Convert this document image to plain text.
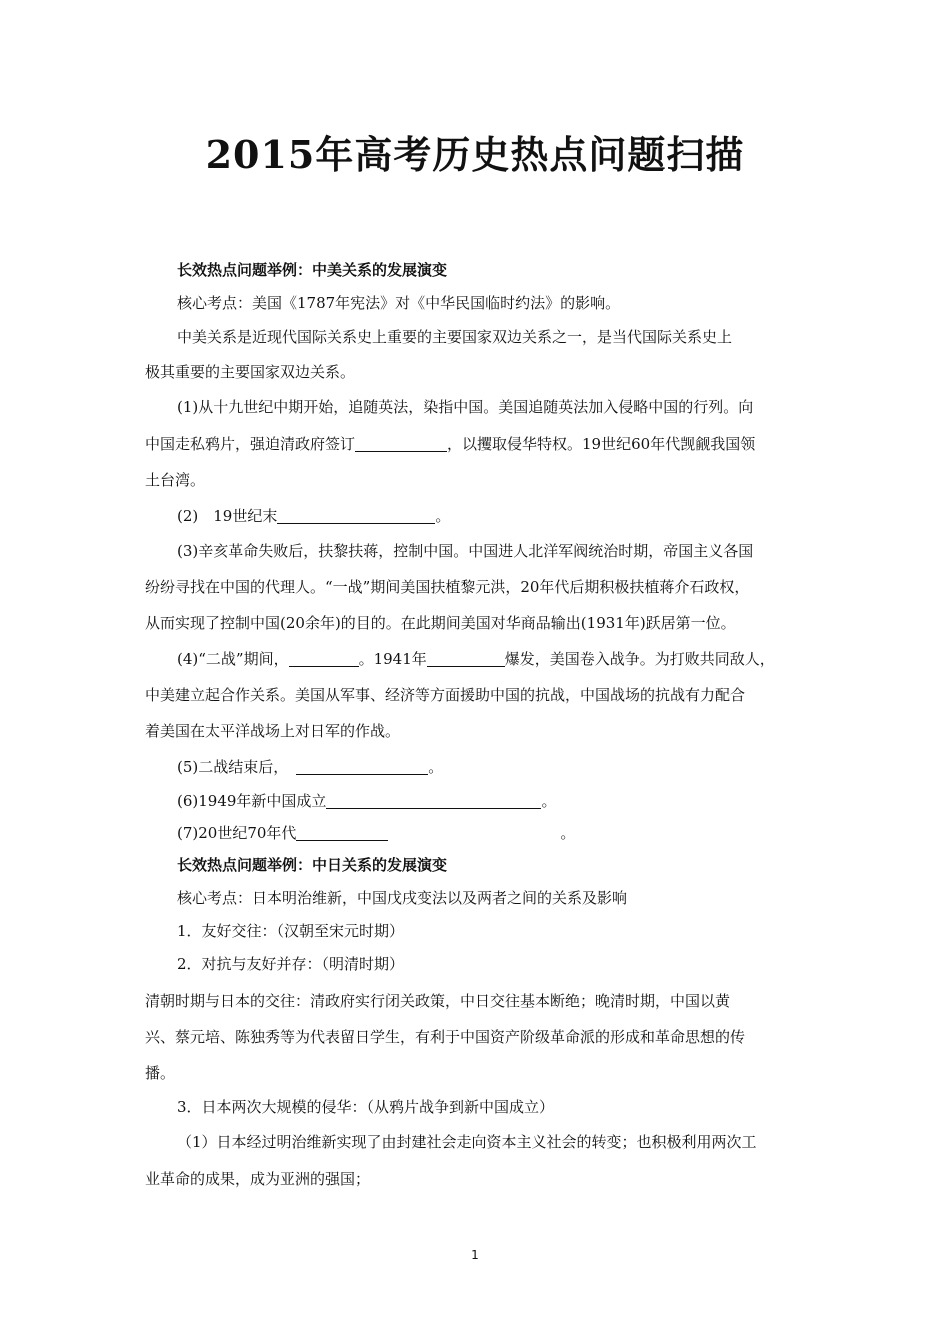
2015年高考历史热点问题扫描

长效热点问题举例：中美关系的发展演变

核心考点：美国《1787年宪法》对《中华民国临时约法》的影响。

中美关系是近现代国际关系史上重要的主要国家双边关系之一，是当代国际关系史上

极其重要的主要国家双边关系。

(1)从十九世纪中期开始，追随英法，染指中国。美国追随英法加入侵略中国的行列。向

中国走私鸦片，强迫清政府签订	，以攫取侵华特权。19世纪60年代觊觎我国领

土台湾。

(2)　19世纪末	。

(3)辛亥革命失败后，扶黎扶蒋，控制中国。中国进人北洋军阀统治时期，帝国主义各国

纷纷寻找在中国的代理人。“一战”期间美国扶植黎元洪，20年代后期积极扶植蒋介石政权，

从而实现了控制中国(20余年)的目的。在此期间美国对华商品输出(1931年)跃居第一位。

(4)“二战”期间，	。1941年	爆发，美国卷入战争。为打败共同敌人，

中美建立起合作关系。美国从军事、经济等方面援助中国的抗战，中国战场的抗战有力配合

着美国在太平洋战场上对日军的作战。

(5)二战结束后，	。

(6)1949年新中国成立	。

(7)20世纪70年代	。

长效热点问题举例：中日关系的发展演变

核心考点：日本明治维新，中国戊戌变法以及两者之间的关系及影响

1．友好交往：（汉朝至宋元时期）

2．对抗与友好并存：（明清时期）

清朝时期与日本的交往：清政府实行闭关政策，中日交往基本断绝；晚清时期，中国以黄

兴、蔡元培、陈独秀等为代表留日学生，有利于中国资产阶级革命派的形成和革命思想的传

播。

3．日本两次大规模的侵华：（从鸦片战争到新中国成立）

（1）日本经过明治维新实现了由封建社会走向资本主义社会的转变；也积极利用两次工

业革命的成果，成为亚洲的强国；

1
